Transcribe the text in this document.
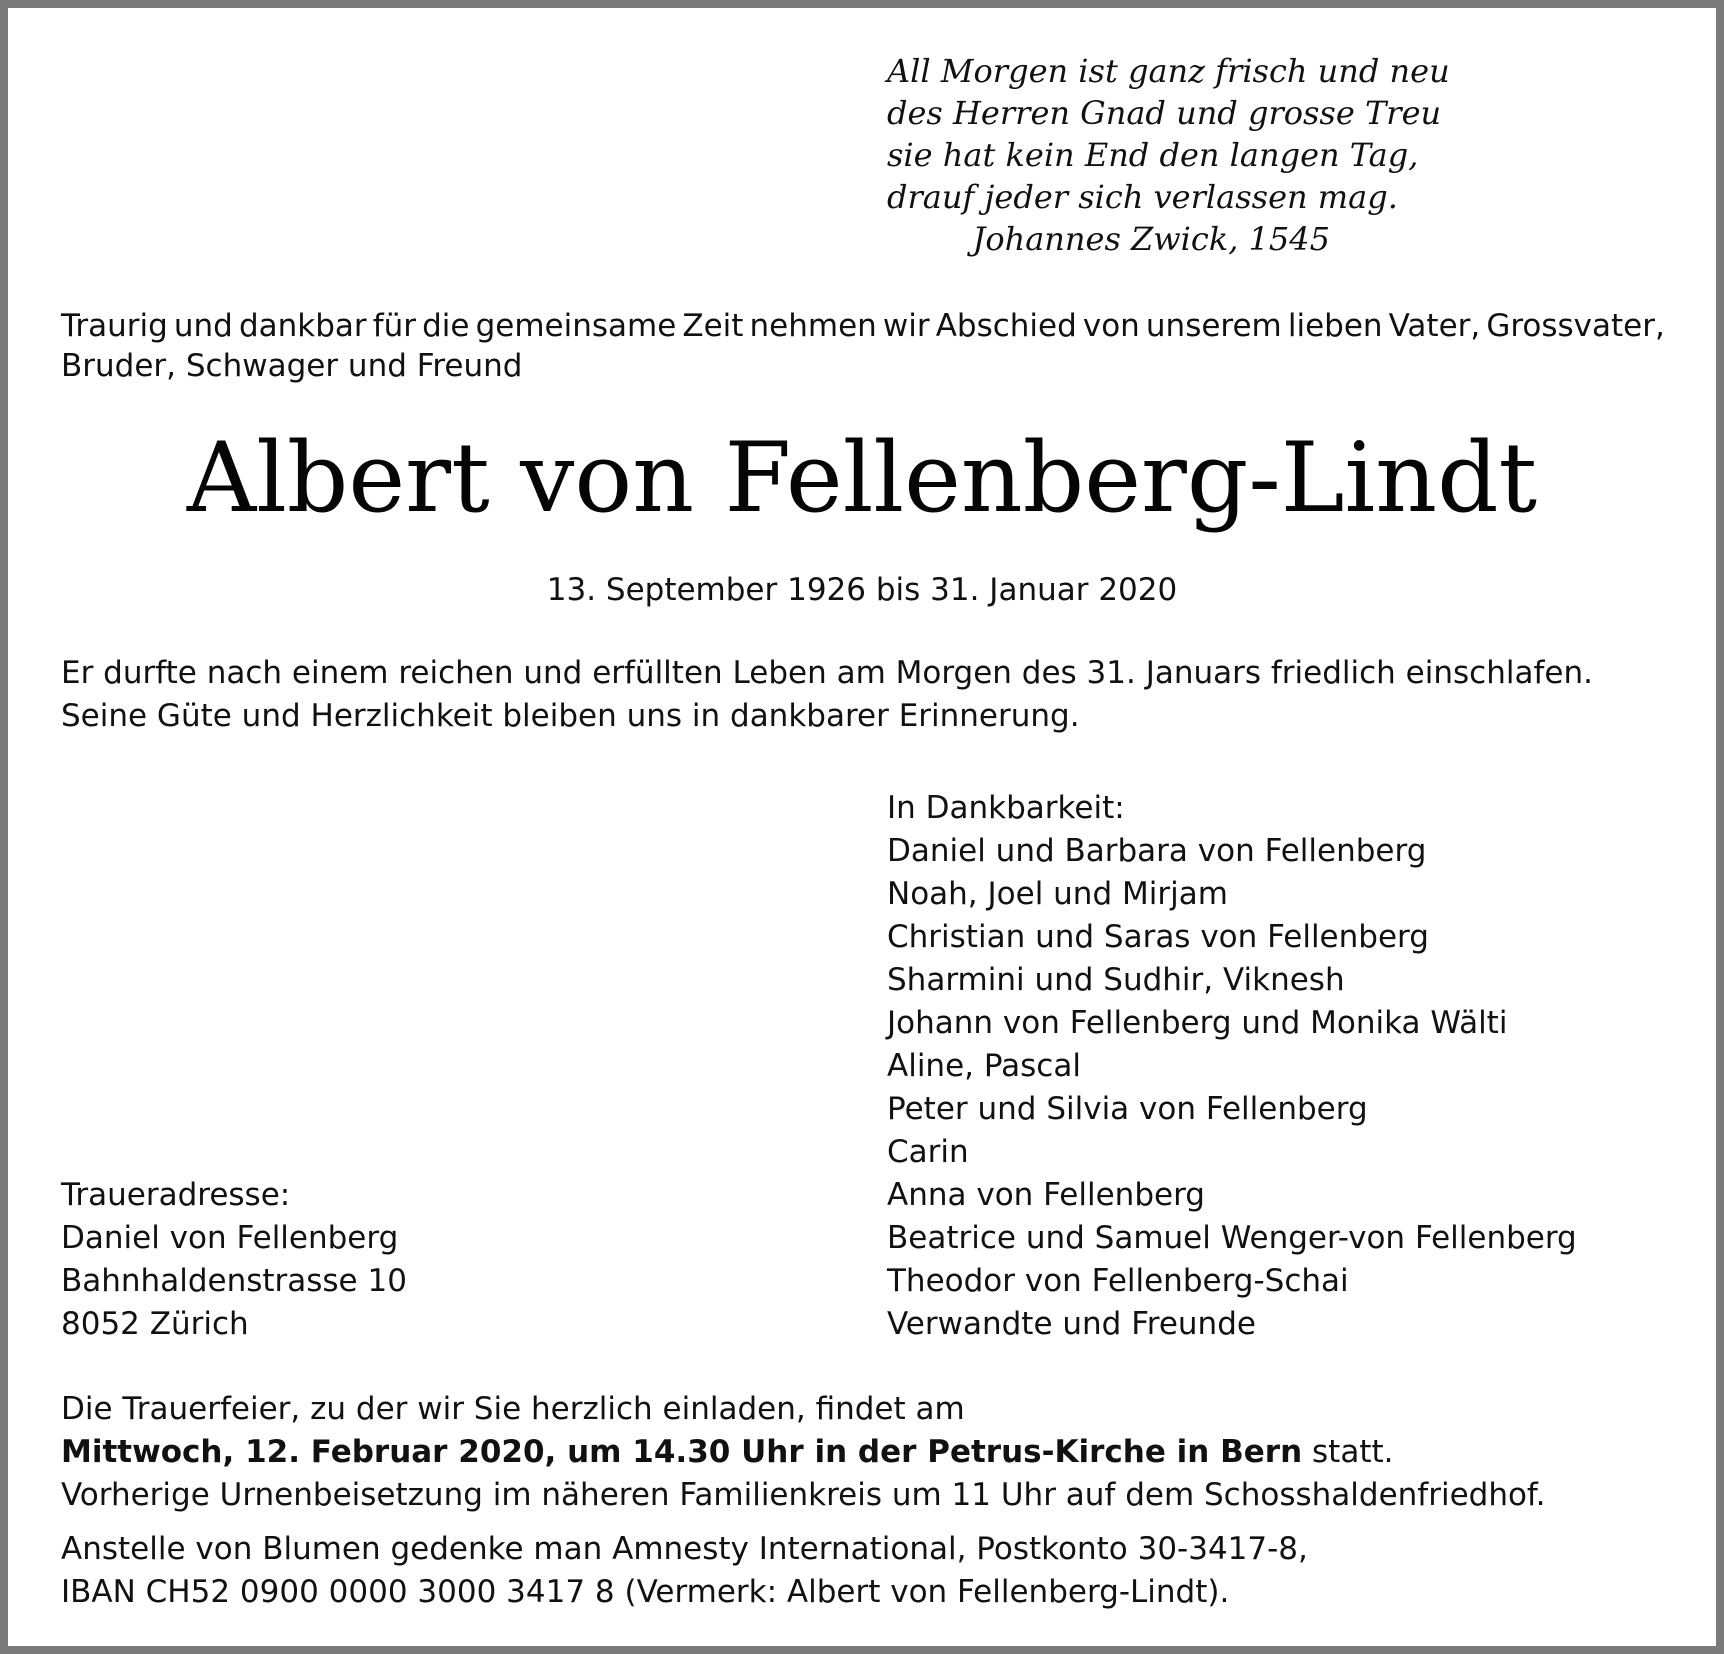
All Morgen ist ganz frisch und neu
des Herren Gnad und grosse Treu
sie hat kein End den langen Tag,
drauf jeder sich verlassen mag.
Johannes Zwick, 1545
Traurig und dankbar für die gemeinsame Zeit nehmen wir Abschied von unserem lieben Vater, Grossvater,
Bruder, Schwager und Freund
Albert von Fellenberg-Lindt
13. September 1926 bis 31. Januar 2020
Er durfte nach einem reichen und erfüllten Leben am Morgen des 31. Januars friedlich einschlafen.
Seine Güte und Herzlichkeit bleiben uns in dankbarer Erinnerung.
In Dankbarkeit:
Daniel und Barbara von Fellenberg
Noah, Joel und Mirjam
Christian und Saras von Fellenberg
Sharmini und Sudhir, Viknesh
Johann von Fellenberg und Monika Wälti
Aline, Pascal
Peter und Silvia von Fellenberg
Carin
Anna von Fellenberg
Beatrice und Samuel Wenger-von Fellenberg
Theodor von Fellenberg-Schai
Verwandte und Freunde
Traueradresse:
Daniel von Fellenberg
Bahnhaldenstrasse 10
8052 Zürich
Die Trauerfeier, zu der wir Sie herzlich einladen, findet am
Mittwoch, 12. Februar 2020, um 14.30 Uhr in der Petrus-Kirche in Bern statt.
Vorherige Urnenbeisetzung im näheren Familienkreis um 11 Uhr auf dem Schosshaldenfriedhof.
Anstelle von Blumen gedenke man Amnesty International, Postkonto 30-3417-8,
IBAN CH52 0900 0000 3000 3417 8 (Vermerk: Albert von Fellenberg-Lindt).
